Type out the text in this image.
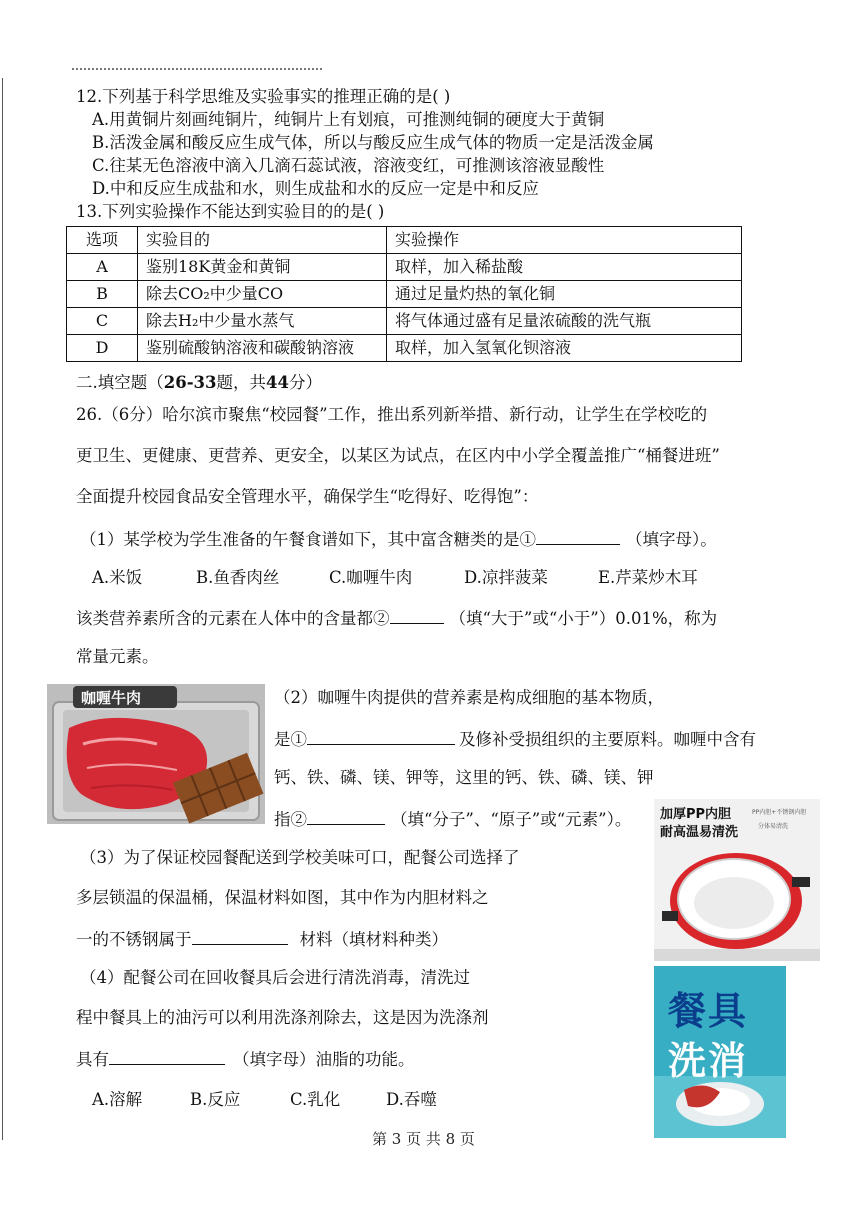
12.下列基于科学思维及实验事实的推理正确的是( )
A.用黄铜片刻画纯铜片，纯铜片上有划痕，可推测纯铜的硬度大于黄铜
B.活泼金属和酸反应生成气体，所以与酸反应生成气体的物质一定是活泼金属
C.往某无色溶液中滴入几滴石蕊试液，溶液变红，可推测该溶液显酸性
D.中和反应生成盐和水，则生成盐和水的反应一定是中和反应
13.下列实验操作不能达到实验目的的是( )
选项	实验目的	实验操作
A	鉴别18K黄金和黄铜	取样，加入稀盐酸
B	除去CO₂中少量CO	通过足量灼热的氧化铜
C	除去H₂中少量水蒸气	将气体通过盛有足量浓硫酸的洗气瓶
D	鉴别硫酸钠溶液和碳酸钠溶液	取样，加入氢氧化钡溶液
二.填空题（26-33题，共44分）
26.（6分）哈尔滨市聚焦“校园餐”工作，推出系列新举措、新行动，让学生在学校吃的
更卫生、更健康、更营养、更安全，以某区为试点，在区内中小学全覆盖推广“桶餐进班”
全面提升校园食品安全管理水平，确保学生“吃得好、吃得饱”：
（1）某学校为学生准备的午餐食谱如下，其中富含糖类的是①	（填字母）。
A.米饭	B.鱼香肉丝	C.咖喱牛肉	D.凉拌菠菜	E.芹菜炒木耳
该类营养素所含的元素在人体中的含量都②	（填“大于”或“小于”）0.01%，称为
常量元素。
咖喱牛肉	（2）咖喱牛肉提供的营养素是构成细胞的基本物质，
是①	及修补受损组织的主要原料。咖喱中含有
钙、铁、磷、镁、钾等，这里的钙、铁、磷、镁、钾
指②	（填“分子”、“原子”或“元素”）。 加厚PP内胆
耐高温易清洗
PP内胆+不锈钢内胆
分体易清洗
（3）为了保证校园餐配送到学校美味可口，配餐公司选择了
多层锁温的保温桶，保温材料如图，其中作为内胆材料之
一的不锈钢属于	材料（填材料种类）
餐具
洗消
（4）配餐公司在回收餐具后会进行清洗消毒，清洗过
程中餐具上的油污可以利用洗涤剂除去，这是因为洗涤剂
具有	（填字母）油脂的功能。
A.溶解	B.反应	C.乳化	D.吞噬
第 3 页 共 8 页
